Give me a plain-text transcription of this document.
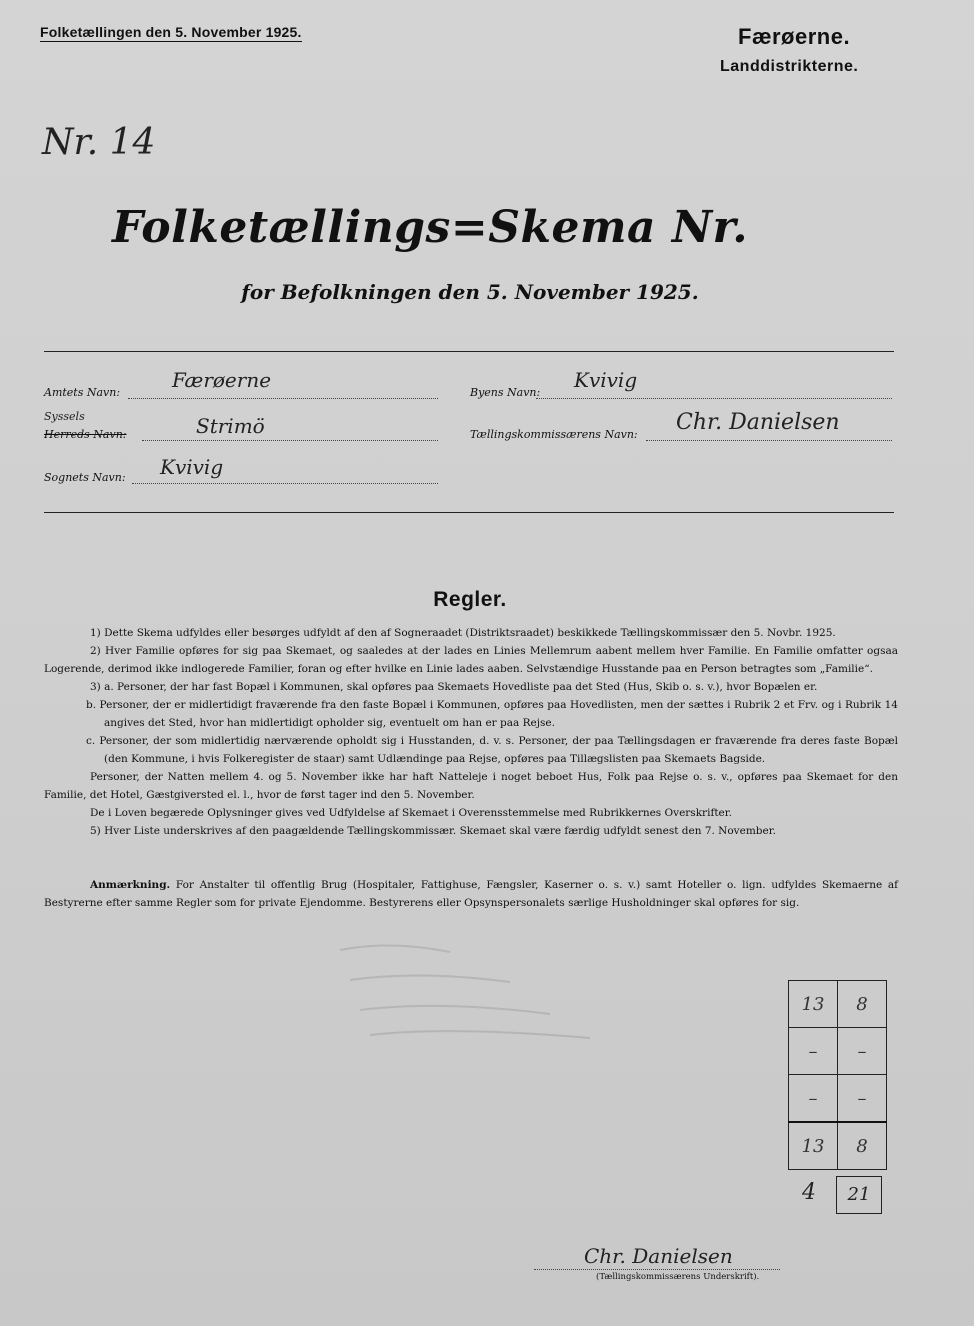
Folketællingen den 5. November 1925.	Færøerne.
Landdistrikterne.
Nr. 14
Folketællings=Skema Nr.
for Befolkningen den 5. November 1925.
Amtets Navn:
Færøerne
Byens Navn:
Kvivig
Syssels
Herreds Navn:	Strimö	Tællingskommissærens Navn: Chr. Danielsen
Sognets Navn: Kvivig
Regler.

1) Dette Skema udfyldes eller besørges udfyldt af den af Sogneraadet (Distriktsraadet) beskikkede Tællingskommissær den 5. Novbr. 1925.

2) Hver Familie opføres for sig paa Skemaet, og saaledes at der lades en Linies Mellemrum aabent mellem hver Familie. En Familie omfatter ogsaa Logerende, derimod ikke indlogerede Familier, foran og efter hvilke en Linie lades aaben. Selvstændige Husstande paa en Person betragtes som „Familie“.

3) a. Personer, der har fast Bopæl i Kommunen, skal opføres paa Skemaets Hovedliste paa det Sted (Hus, Skib o. s. v.), hvor Bopælen er.

b. Personer, der er midlertidigt fraværende fra den faste Bopæl i Kommunen, opføres paa Hovedlisten, men der sættes i Rubrik 2 et Frv. og i Rubrik 14 angives det Sted, hvor han midlertidigt opholder sig, eventuelt om han er paa Rejse.

c. Personer, der som midlertidig nærværende opholdt sig i Husstanden, d. v. s. Personer, der paa Tællingsdagen er fraværende fra deres faste Bopæl (den Kommune, i hvis Folkeregister de staar) samt Udlændinge paa Rejse, opføres paa Tillægslisten paa Skemaets Bagside.

Personer, der Natten mellem 4. og 5. November ikke har haft Natteleje i noget beboet Hus, Folk paa Rejse o. s. v., opføres paa Skemaet for den Familie, det Hotel, Gæstgiversted el. l., hvor de først tager ind den 5. November.

De i Loven begærede Oplysninger gives ved Udfyldelse af Skemaet i Overensstemmelse med Rubrikkernes Overskrifter.

5) Hver Liste underskrives af den paagældende Tællingskommissær. Skemaet skal være færdig udfyldt senest den 7. November.

Anmærkning. For Anstalter til offentlig Brug (Hospitaler, Fattighuse, Fængsler, Kaserner o. s. v.) samt Hoteller o. lign. udfyldes Skemaerne af Bestyrerne efter samme Regler som for private Ejendomme. Bestyrerens eller Opsynspersonalets særlige Husholdninger skal opføres for sig.
13	8
–	–
–	–
13	8
4	21
Chr. Danielsen
(Tællingskommissærens Underskrift).
